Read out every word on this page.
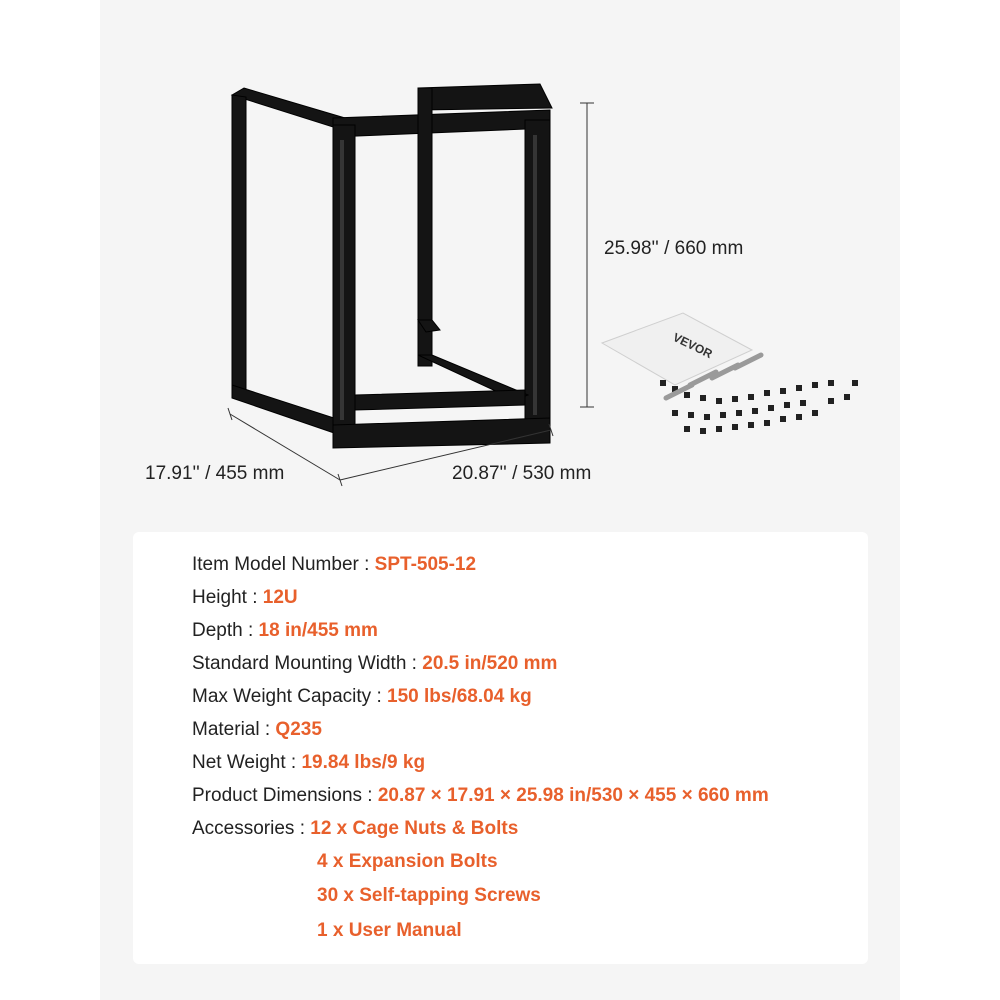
VEVOR
25.98'' / 660 mm
17.91'' / 455 mm	20.87'' / 530 mm
Item Model Number : SPT-505-12
Height : 12U
Depth : 18 in/455 mm
Standard Mounting Width : 20.5 in/520 mm
Max Weight Capacity : 150 lbs/68.04 kg
Material : Q235
Net Weight : 19.84 lbs/9 kg
Product Dimensions : 20.87 × 17.91 × 25.98 in/530 × 455 × 660 mm
Accessories : 12 x Cage Nuts & Bolts
4 x Expansion Bolts
30 x Self-tapping Screws
1 x User Manual
